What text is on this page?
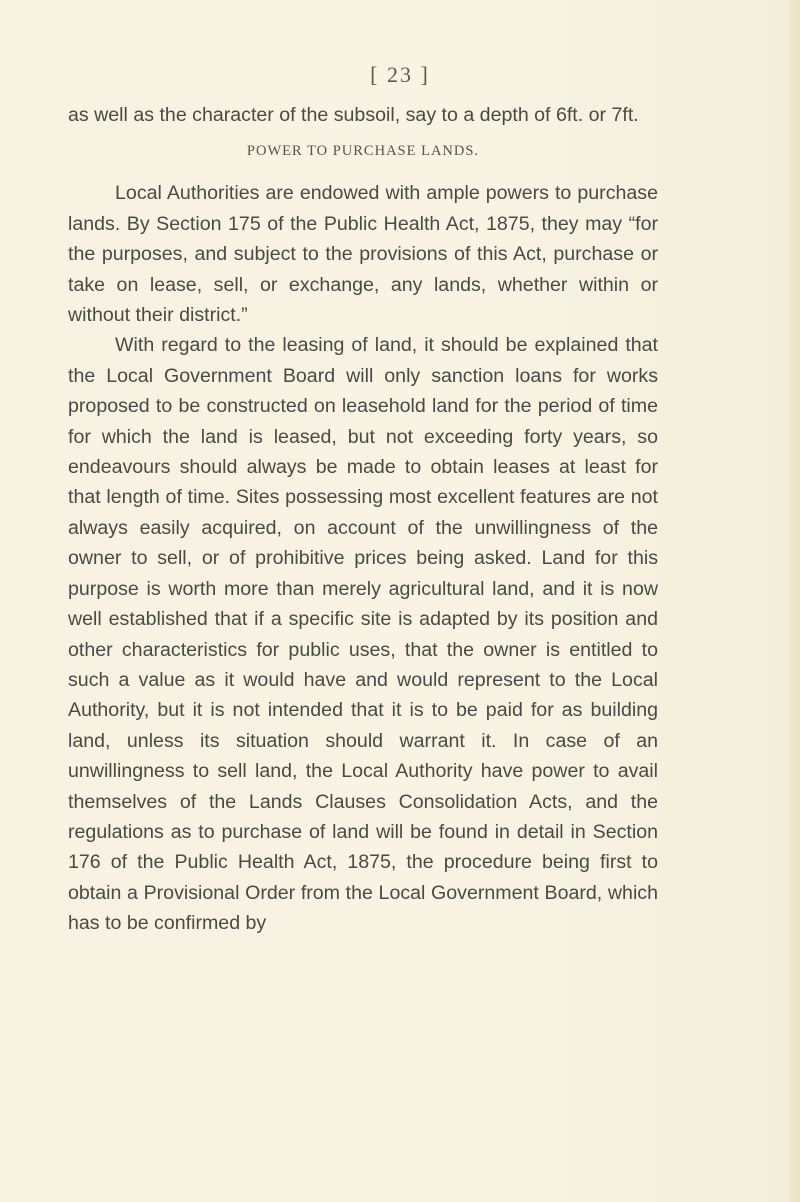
[ 23 ]

as well as the character of the subsoil, say to a depth of 6ft. or 7ft.

POWER TO PURCHASE LANDS.

Local Authorities are endowed with ample powers to purchase lands. By Section 175 of the Public Health Act, 1875, they may “for the purposes, and subject to the provisions of this Act, purchase or take on lease, sell, or exchange, any lands, whether within or without their district.”

With regard to the leasing of land, it should be explained that the Local Government Board will only sanction loans for works proposed to be constructed on leasehold land for the period of time for which the land is leased, but not exceeding forty years, so endeavours should always be made to obtain leases at least for that length of time. Sites possessing most excellent features are not always easily acquired, on account of the unwillingness of the owner to sell, or of prohibitive prices being asked. Land for this purpose is worth more than merely agricultural land, and it is now well established that if a specific site is adapted by its position and other characteristics for public uses, that the owner is entitled to such a value as it would have and would represent to the Local Authority, but it is not intended that it is to be paid for as building land, unless its situation should warrant it. In case of an unwillingness to sell land, the Local Authority have power to avail themselves of the Lands Clauses Consolidation Acts, and the regulations as to purchase of land will be found in detail in Section 176 of the Public Health Act, 1875, the procedure being first to obtain a Provisional Order from the Local Government Board, which has to be confirmed by
